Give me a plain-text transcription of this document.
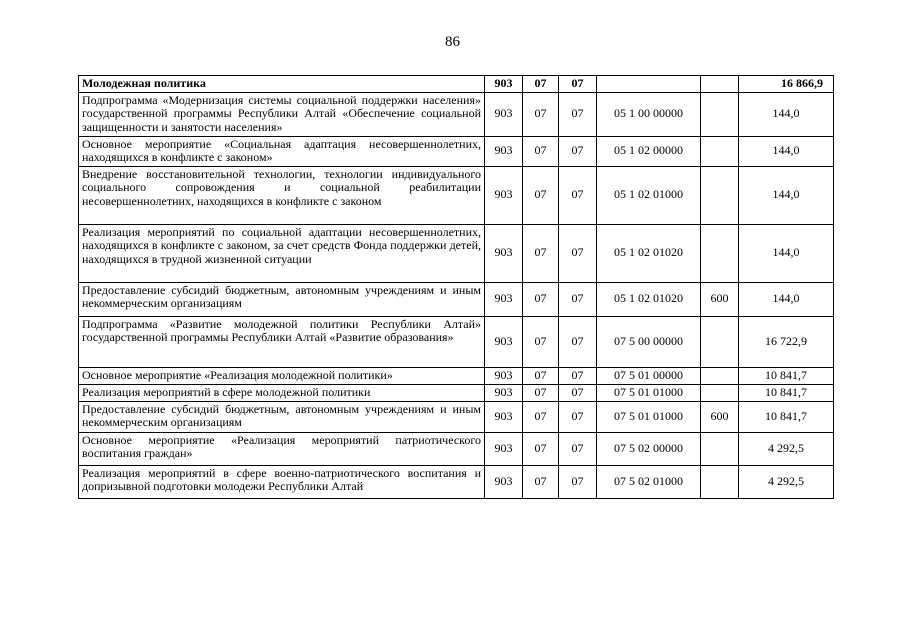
86
Молодежная политика	903	07	07			16 866,9
Подпрограмма «Модернизация системы социальной поддержки населения» государственной программы Республики Алтай «Обеспечение социальной защищенности и занятости населения»	903	07	07	05 1 00 00000		144,0
Основное мероприятие «Социальная адаптация несовершеннолетних, находящихся в конфликте с законом»	903	07	07	05 1 02 00000		144,0
Внедрение восстановительной технологии, технологии индивидуального социального сопровождения и социальной реабилитации несовершеннолетних, находящихся в конфликте с законом	903	07	07	05 1 02 01000		144,0
Реализация мероприятий по социальной адаптации несовершеннолетних, находящихся в конфликте с законом, за счет средств Фонда поддержки детей, находящихся в трудной жизненной ситуации	903	07	07	05 1 02 01020		144,0
Предоставление субсидий бюджетным, автономным учреждениям и иным некоммерческим организациям	903	07	07	05 1 02 01020	600	144,0
Подпрограмма «Развитие молодежной политики Республики Алтай» государственной программы Республики Алтай «Развитие образования»	903	07	07	07 5 00 00000		16 722,9
Основное мероприятие «Реализация молодежной политики»	903	07	07	07 5 01 00000		10 841,7
Реализация мероприятий в сфере молодежной политики	903	07	07	07 5 01 01000		10 841,7
Предоставление субсидий бюджетным, автономным учреждениям и иным некоммерческим организациям	903	07	07	07 5 01 01000	600	10 841,7
Основное мероприятие «Реализация мероприятий патриотического воспитания граждан»	903	07	07	07 5 02 00000		4 292,5
Реализация мероприятий в сфере военно-патриотического воспитания и допризывной подготовки молодежи Республики Алтай	903	07	07	07 5 02 01000		4 292,5
